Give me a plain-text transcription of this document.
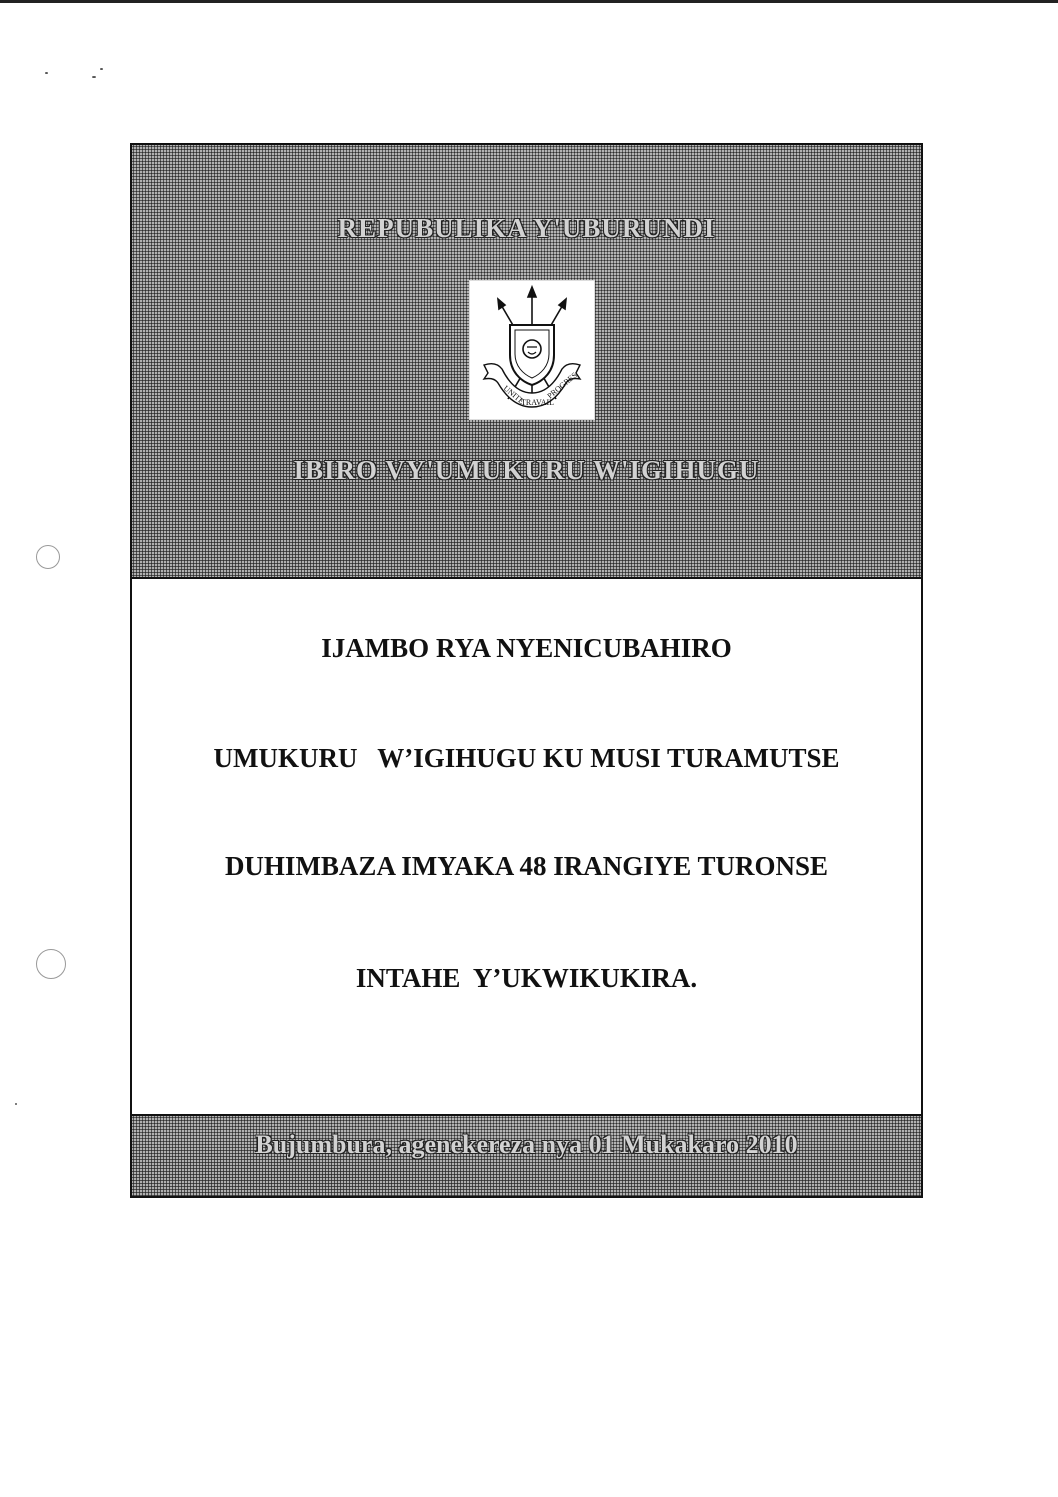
REPUBULIKA Y'UBURUNDI
UNITE
TRAVAIL
PROGRES
IBIRO VY'UMUKURU W'IGIHUGU
IJAMBO RYA NYENICUBAHIRO
UMUKURU   W’IGIHUGU KU MUSI TURAMUTSE
DUHIMBAZA IMYAKA 48 IRANGIYE TURONSE
INTAHE  Y’UKWIKUKIRA.
Bujumbura, agenekereza nya 01 Mukakaro 2010
